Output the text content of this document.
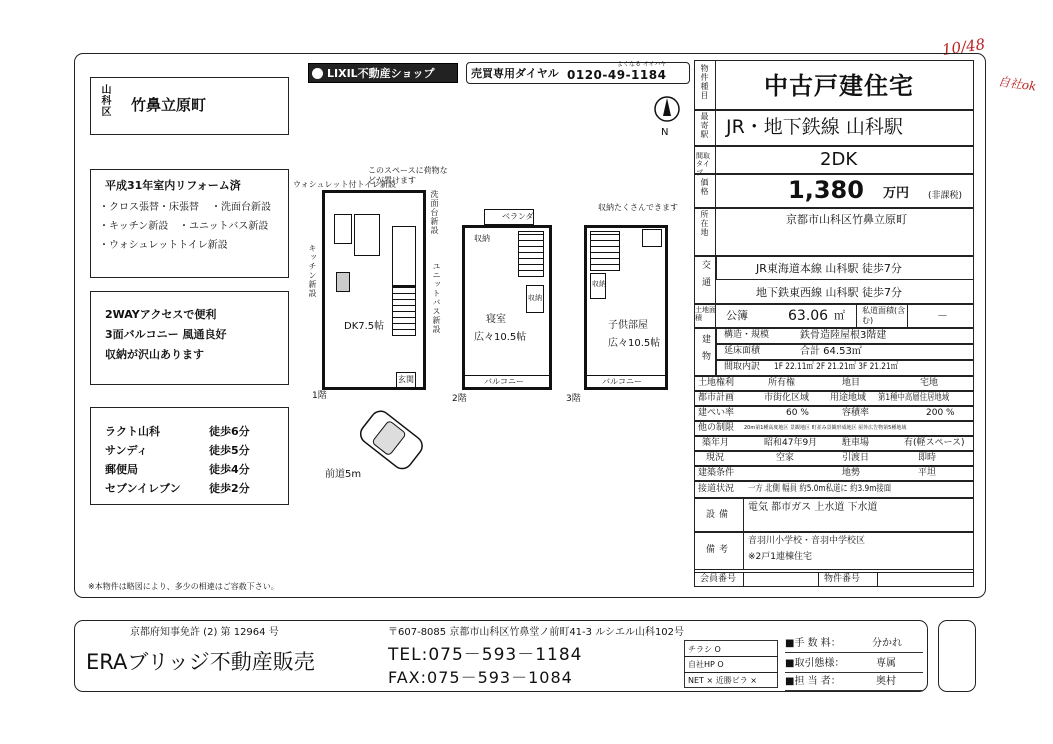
10/48
自社ok
LIXIL不動産ショップ	売買専用ダイヤル
よくなる イイハヤ
0120-49-1184
N
山科区 竹鼻立原町
平成31年室内リフォーム済
・クロス張替 ・床張替 ・洗面台新設
・キッチン新設 ・ユニットバス新設
・ウォシュレットトイレ新設
2WAYアクセスで便利
3面バルコニー 風通良好
収納が沢山あります
ラクト山科	徒歩6分
サンディ	徒歩5分
郵便局	徒歩4分
セブンイレブン	徒歩2分
※本物件は略図により、多少の相違はご容赦下さい。
DK7.5帖
玄関
ウォシュレット付トイレ新設
このスペースに荷物などが置けます
洗面台新設
キッチン新設	ユニットバス新設
1階
前道5m
収納
収納
寝室
広々10.5帖
バルコニー
ベランダ
2階
収納
子供部屋
広々10.5帖
バルコニー
収納たくさんできます
3階
物件種目 中古戸建住宅
最寄駅 JR・地下鉄線 山科駅
間取タイプ
2DK
価格	1,380 万円 (非課税)
所在地	京都市山科区竹鼻立原町
交通	JR東海道本線 山科駅 徒歩7分
地下鉄東西線 山科駅 徒歩7分
土地面積	公簿	63.06 ㎡ 私道面積(含む)	－
建物 構造・規模	鉄骨造陸屋根3階建
延床面積	合計 64.53㎡
間取内訳 1F 22.11㎡ 2F 21.21㎡ 3F 21.21㎡
土地権利	所有権	地目	宅地
都市計画	市街化区域 用途地域 第1種中高層住居地域
建ぺい率	60 %	容積率	200 %
他の制限 20m第1種高度地区 景観地区 町並み景観形成地区 屋外広告物第5種地域
築年月	昭和47年9月	駐車場	有(軽スペース)
現況	空家	引渡日	即時
建築条件	地勢	平坦
接道状況 一方 北側 幅員 約5.0m私道に 約3.9m接面
設備
電気 都市ガス 上水道 下水道
備考
音羽川小学校・音羽中学校区
※2戸1連棟住宅
会員番号	物件番号
京都府知事免許 (2) 第 12964 号	〒607-8085 京都市山科区竹鼻堂ノ前町41-3 ルシエル山科102号
ERAブリッジ不動産販売	TEL:075－593－1184
FAX:075－593－1084
チラシ O
自社HP O
NET × 近勝ビラ ×
■手 数 料：	分かれ
■取引態様：	専属
■担 当 者：	奥村
